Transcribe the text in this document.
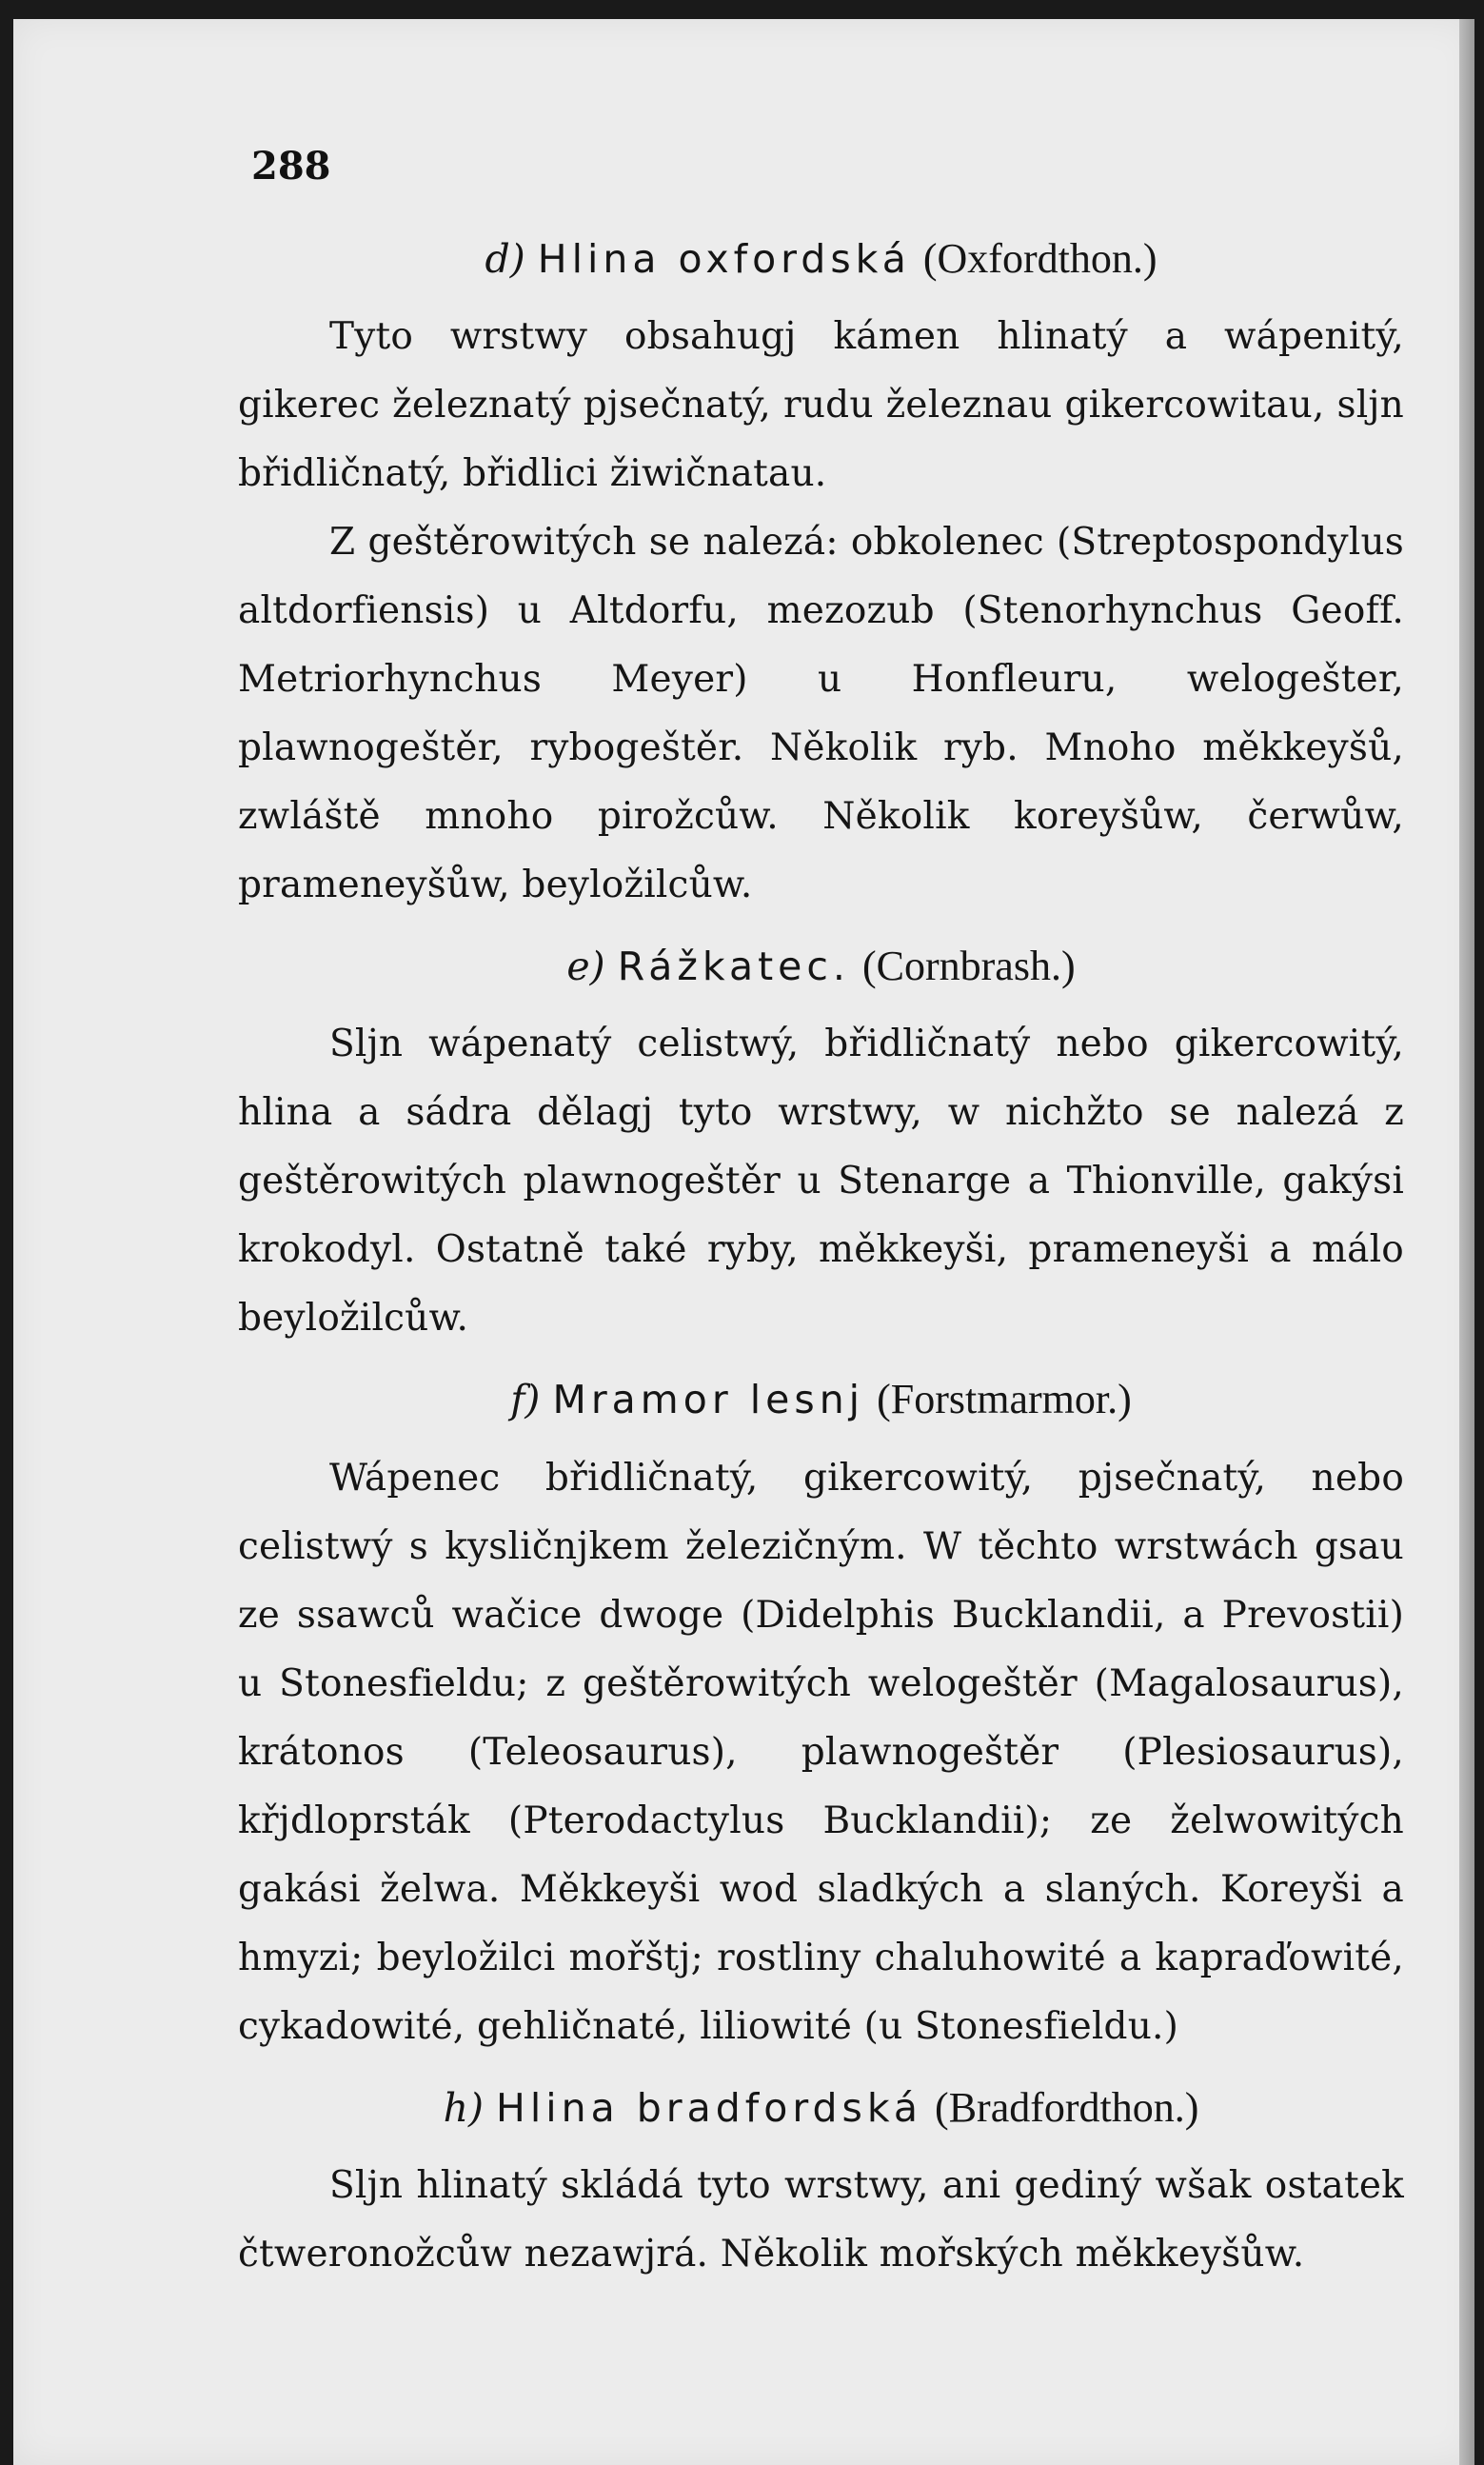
288
d) Hlina oxfordská (Oxfordthon.)

Tyto wrstwy obsahugj kámen hlinatý a wápenitý, gikerec železnatý pjsečnatý, rudu železnau gikercowitau, sljn břidličnatý, břidlici žiwičnatau.

Z geštěrowitých se nalezá: obkolenec (Streptospondylus altdorfiensis) u Altdorfu, mezozub (Stenorhynchus Geoff. Metriorhynchus Meyer) u Honfleuru, welogešter, plawnogeštěr, rybogeštěr. Několik ryb. Mnoho měkkeyšů, zwláště mnoho pirožcůw. Několik koreyšůw, čerwůw, prameneyšůw, beyložilcůw.

e) Rážkatec. (Cornbrash.)

Sljn wápenatý celistwý, břidličnatý nebo gikercowitý, hlina a sádra dělagj tyto wrstwy, w nichžto se nalezá z geštěrowitých plawnogeštěr u Stenarge a Thionville, gakýsi krokodyl. Ostatně také ryby, měkkeyši, prameneyši a málo beyložilcůw.

f) Mramor lesnj (Forstmarmor.)

Wápenec břidličnatý, gikercowitý, pjsečnatý, nebo celistwý s kysličnjkem železičným. W těchto wrstwách gsau ze ssawců wačice dwoge (Didelphis Bucklandii, a Prevostii) u Stonesfieldu; z geštěrowitých welogeštěr (Magalosaurus), krátonos (Teleosaurus), plawnogeštěr (Plesiosaurus), křjdloprsták (Pterodactylus Bucklandii); ze želwowitých gakási želwa. Měkkeyši wod sladkých a slaných. Koreyši a hmyzi; beyložilci mořštj; rostliny chaluhowité a kapraďowité, cykadowité, gehličnaté, liliowité (u Stonesfieldu.)

h) Hlina bradfordská (Bradfordthon.)

Sljn hlinatý skládá tyto wrstwy, ani gediný wšak ostatek čtweronožcůw nezawjrá. Několik mořských měkkeyšůw.
